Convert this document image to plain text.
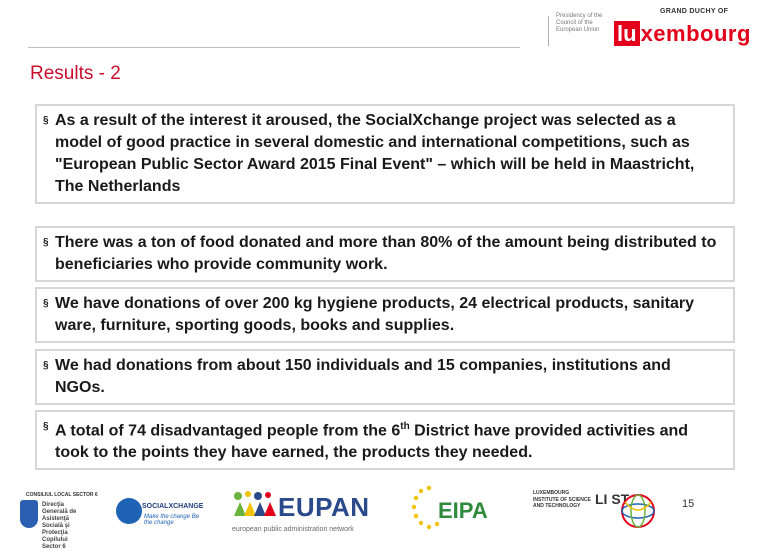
Results - 2
Presidency of the Council of the European Union
GRAND DUCHY OF
lu xembourg

§ As a result of the interest it aroused, the SocialXchange project was selected as a model of good practice in several domestic and international competitions, such as "European Public Sector Award 2015 Final Event" – which will be held in Maastricht, The Netherlands

§ There was a ton of food donated and more than 80% of the amount being distributed to beneficiaries who provide community work.

§ We have donations of over 200 kg hygiene products, 24 electrical products, sanitary ware, furniture, sporting goods, books and supplies.

§ We had donations from about 150 individuals and 15 companies, institutions and NGOs.

§ A total of 74 disadvantaged people from the 6th District have provided activities and took to the points they have earned, the products they needed.

CONSILIUL LOCAL SECTOR 6
Direcţia Generală de Asistenţă Socială şi Protecţia Copilului Sector 6
SOCIALXCHANGE
Make the change Be the change
EUPAN
european public administration network
EIPA
LUXEMBOURG INSTITUTE OF SCIENCE AND TECHNOLOGY	LI ST	15
